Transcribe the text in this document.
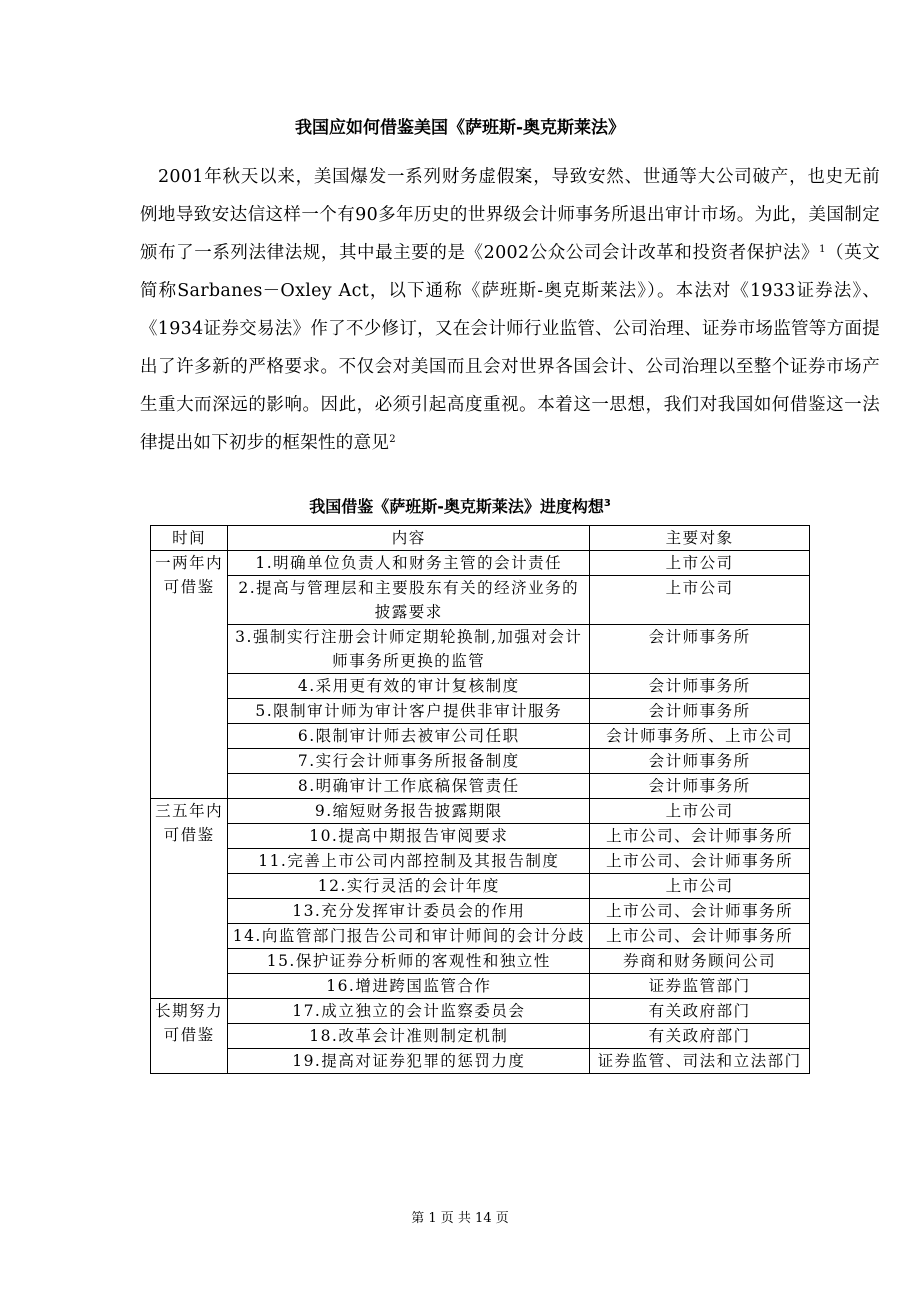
我国应如何借鉴美国《萨班斯-奥克斯莱法》
2001年秋天以来，美国爆发一系列财务虚假案，导致安然、世通等大公司破产，也史无前例地导致安达信这样一个有90多年历史的世界级会计师事务所退出审计市场。为此，美国制定颁布了一系列法律法规，其中最主要的是《2002公众公司会计改革和投资者保护法》$^1$（英文简称Sarbanes－Oxley Act，以下通称《萨班斯-奥克斯莱法》）。本法对《1933证券法》、《1934证券交易法》作了不少修订，又在会计师行业监管、公司治理、证券市场监管等方面提出了许多新的严格要求。不仅会对美国而且会对世界各国会计、公司治理以至整个证券市场产生重大而深远的影响。因此，必须引起高度重视。本着这一思想，我们对我国如何借鉴这一法律提出如下初步的框架性的意见$^2$
我国借鉴《萨班斯-奥克斯莱法》进度构想$^3$
时间	内容	主要对象
一两年内可借鉴	1.明确单位负责人和财务主管的会计责任	上市公司
	2.提高与管理层和主要股东有关的经济业务的披露要求	上市公司
	3.强制实行注册会计师定期轮换制,加强对会计师事务所更换的监管	会计师事务所
	4.采用更有效的审计复核制度	会计师事务所
	5.限制审计师为审计客户提供非审计服务	会计师事务所
	6.限制审计师去被审公司任职	会计师事务所、上市公司
	7.实行会计师事务所报备制度	会计师事务所
	8.明确审计工作底稿保管责任	会计师事务所
三五年内可借鉴	9.缩短财务报告披露期限	上市公司
	10.提高中期报告审阅要求	上市公司、会计师事务所
	11.完善上市公司内部控制及其报告制度	上市公司、会计师事务所
	12.实行灵活的会计年度	上市公司
	13.充分发挥审计委员会的作用	上市公司、会计师事务所
	14.向监管部门报告公司和审计师间的会计分歧	上市公司、会计师事务所
	15.保护证券分析师的客观性和独立性	券商和财务顾问公司
	16.增进跨国监管合作	证券监管部门
长期努力可借鉴	17.成立独立的会计监察委员会	有关政府部门
	18.改革会计准则制定机制	有关政府部门
	19.提高对证券犯罪的惩罚力度	证券监管、司法和立法部门
第 1 页 共 14 页
